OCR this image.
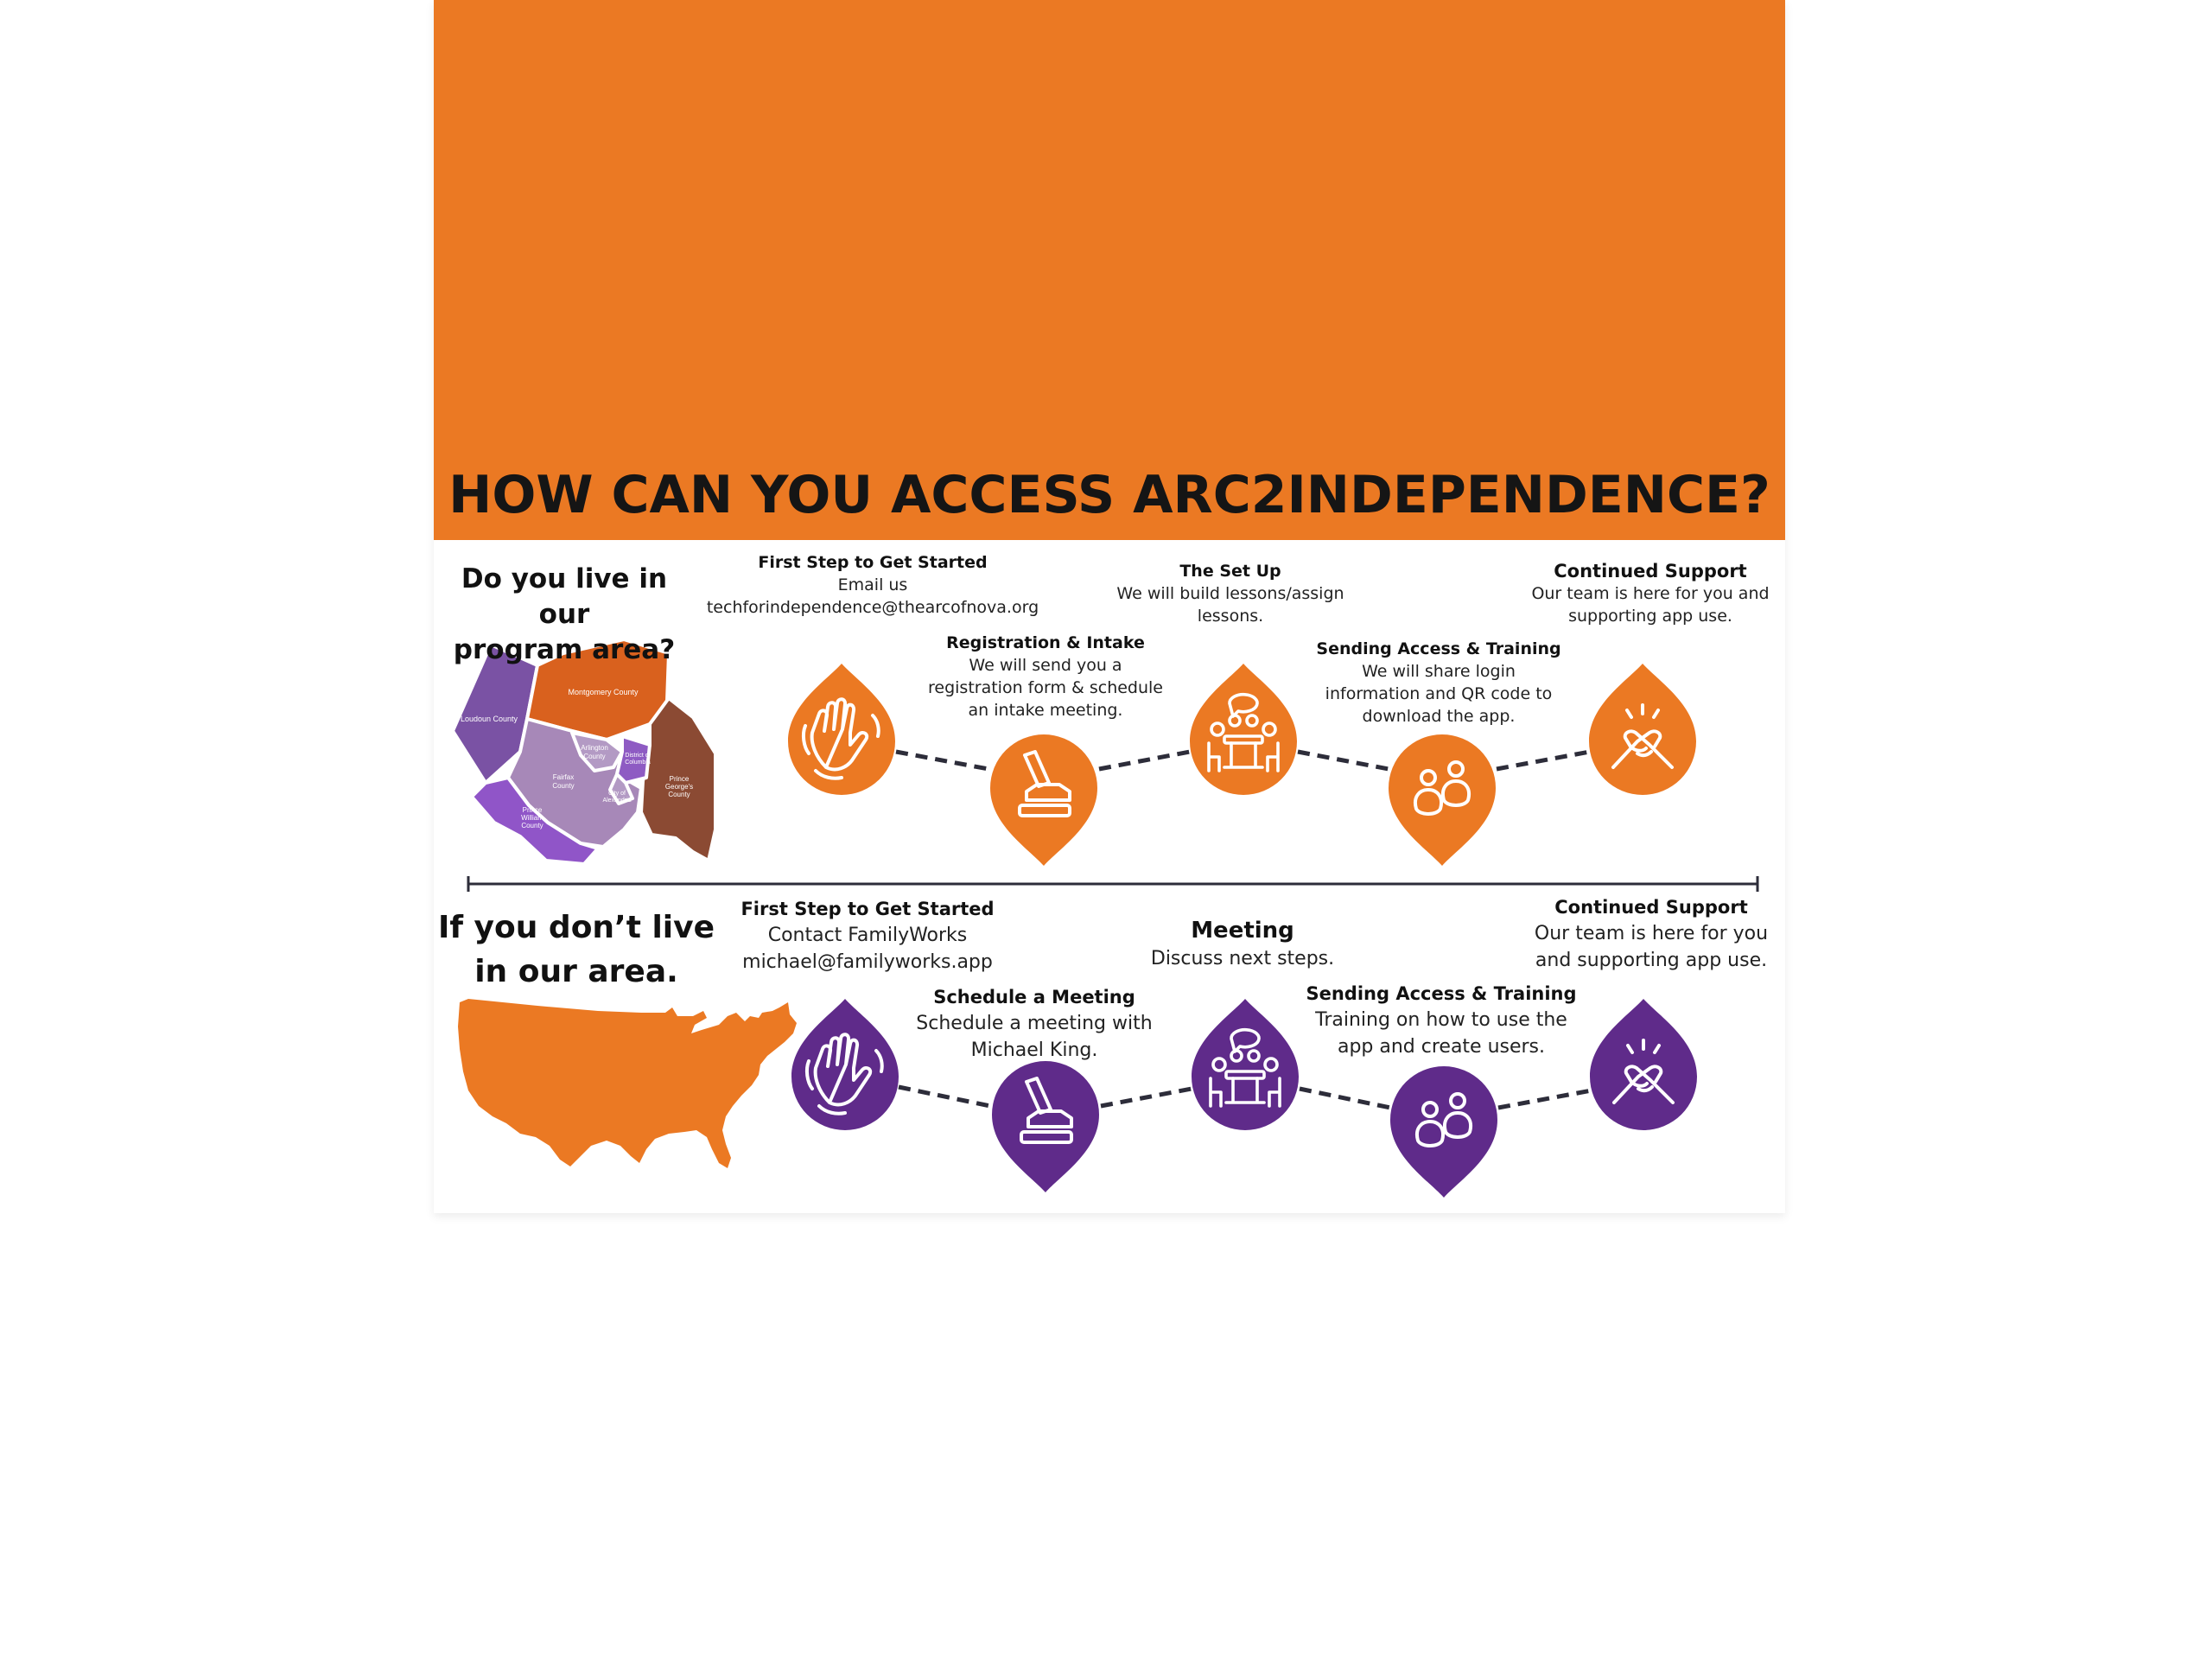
HOW CAN YOU ACCESS ARC2INDEPENDENCE?
Loudoun County
Montgomery County
Arlington
County
Fairfax
County
District of
Columbia
Prince
George's
County
Prince
William
County
City of
Alexandria
Do you live in our
program area?
First Step to Get Started
Email us
techforindependence@thearcofnova.org
Registration & Intake
We will send you a
registration form & schedule
an intake meeting.
The Set Up
We will build lessons/assign
lessons.
Sending Access & Training
We will share login
information and QR code to
download the app.
Continued Support
Our team is here for you and
supporting app use.
If you don’t live
in our area.
First Step to Get Started
Contact FamilyWorks
michael@familyworks.app
Schedule a Meeting
Schedule a meeting with
Michael King.
Meeting
Discuss next steps.
Sending Access & Training
Training on how to use the
app and create users.
Continued Support
Our team is here for you
and supporting app use.
